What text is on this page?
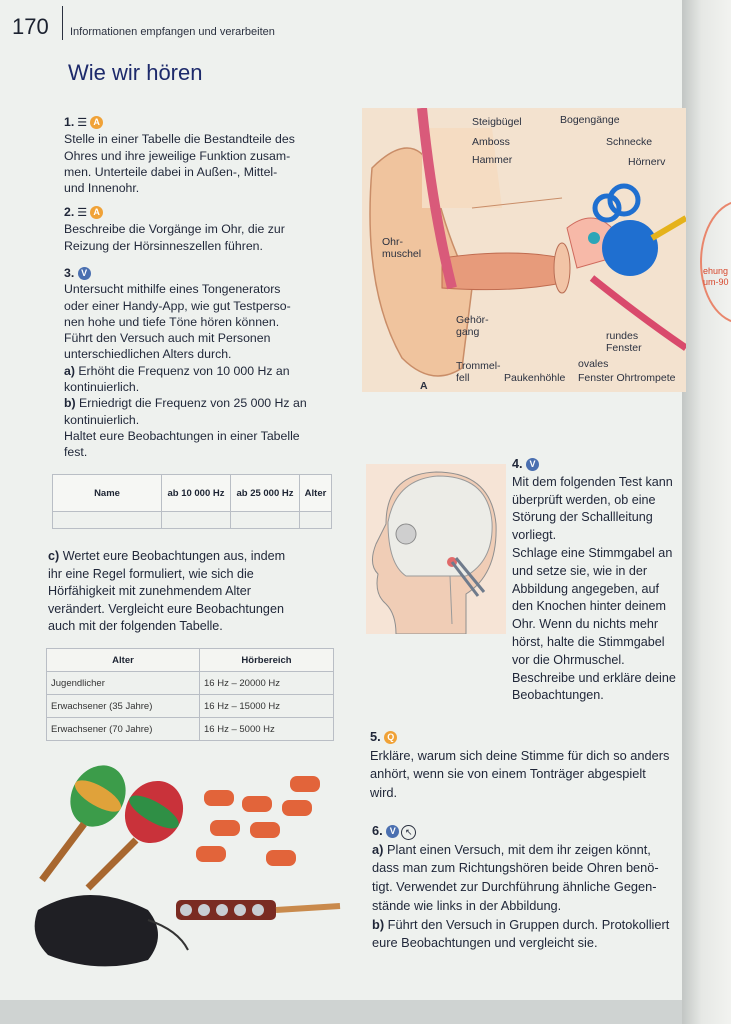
ehung
um-90
170 Informationen empfangen und verarbeiten
Wie wir hören
1. ☰ A
Stelle in einer Tabelle die Bestandteile des
Ohres und ihre jeweilige Funktion zusam-
men. Unterteile dabei in Außen-, Mittel-
und Innenohr.
2. ☰ A
Beschreibe die Vorgänge im Ohr, die zur
Reizung der Hörsinneszellen führen.
3. V
Untersucht mithilfe eines Tongenerators
oder einer Handy-App, wie gut Testperso-
nen hohe und tiefe Töne hören können.
Führt den Versuch auch mit Personen
unterschiedlichen Alters durch.
a) Erhöht die Frequenz von 10 000 Hz an
kontinuierlich.
b) Erniedrigt die Frequenz von 25 000 Hz an
kontinuierlich.
Haltet eure Beobachtungen in einer Tabelle
fest.
Name	ab 10 000 Hz	ab 25 000 Hz	Alter

c) Wertet eure Beobachtungen aus, indem
ihr eine Regel formuliert, wie sich die
Hörfähigkeit mit zunehmendem Alter
verändert. Vergleicht eure Beobachtungen
auch mit der folgenden Tabelle.
Alter	Hörbereich
Jugendlicher	16 Hz – 20000 Hz
Erwachsener (35 Jahre)	16 Hz – 15000 Hz
Erwachsener (70 Jahre)	16 Hz – 5000 Hz
Steigbügel	Bogengänge
Amboss	Schnecke
Hammer	Hörnerv
Ohr-
muschel
Gehör-
gang	rundes
Fenster
ovales
Trommel-
fell	Paukenhöhle Fenster Ohrtrompete
A
4. V
Mit dem folgenden Test kann
überprüft werden, ob eine
Störung der Schallleitung
vorliegt.
Schlage eine Stimmgabel an
und setze sie, wie in der
Abbildung angegeben, auf
den Knochen hinter deinem
Ohr. Wenn du nichts mehr
hörst, halte die Stimmgabel
vor die Ohrmuschel.
Beschreibe und erkläre deine
Beobachtungen.
5. Q
Erkläre, warum sich deine Stimme für dich so anders
anhört, wenn sie von einem Tonträger abgespielt
wird.
6. V ↖
a) Plant einen Versuch, mit dem ihr zeigen könnt,
dass man zum Richtungshören beide Ohren benö-
tigt. Verwendet zur Durchführung ähnliche Gegen-
stände wie links in der Abbildung.
b) Führt den Versuch in Gruppen durch. Protokolliert
eure Beobachtungen und vergleicht sie.
